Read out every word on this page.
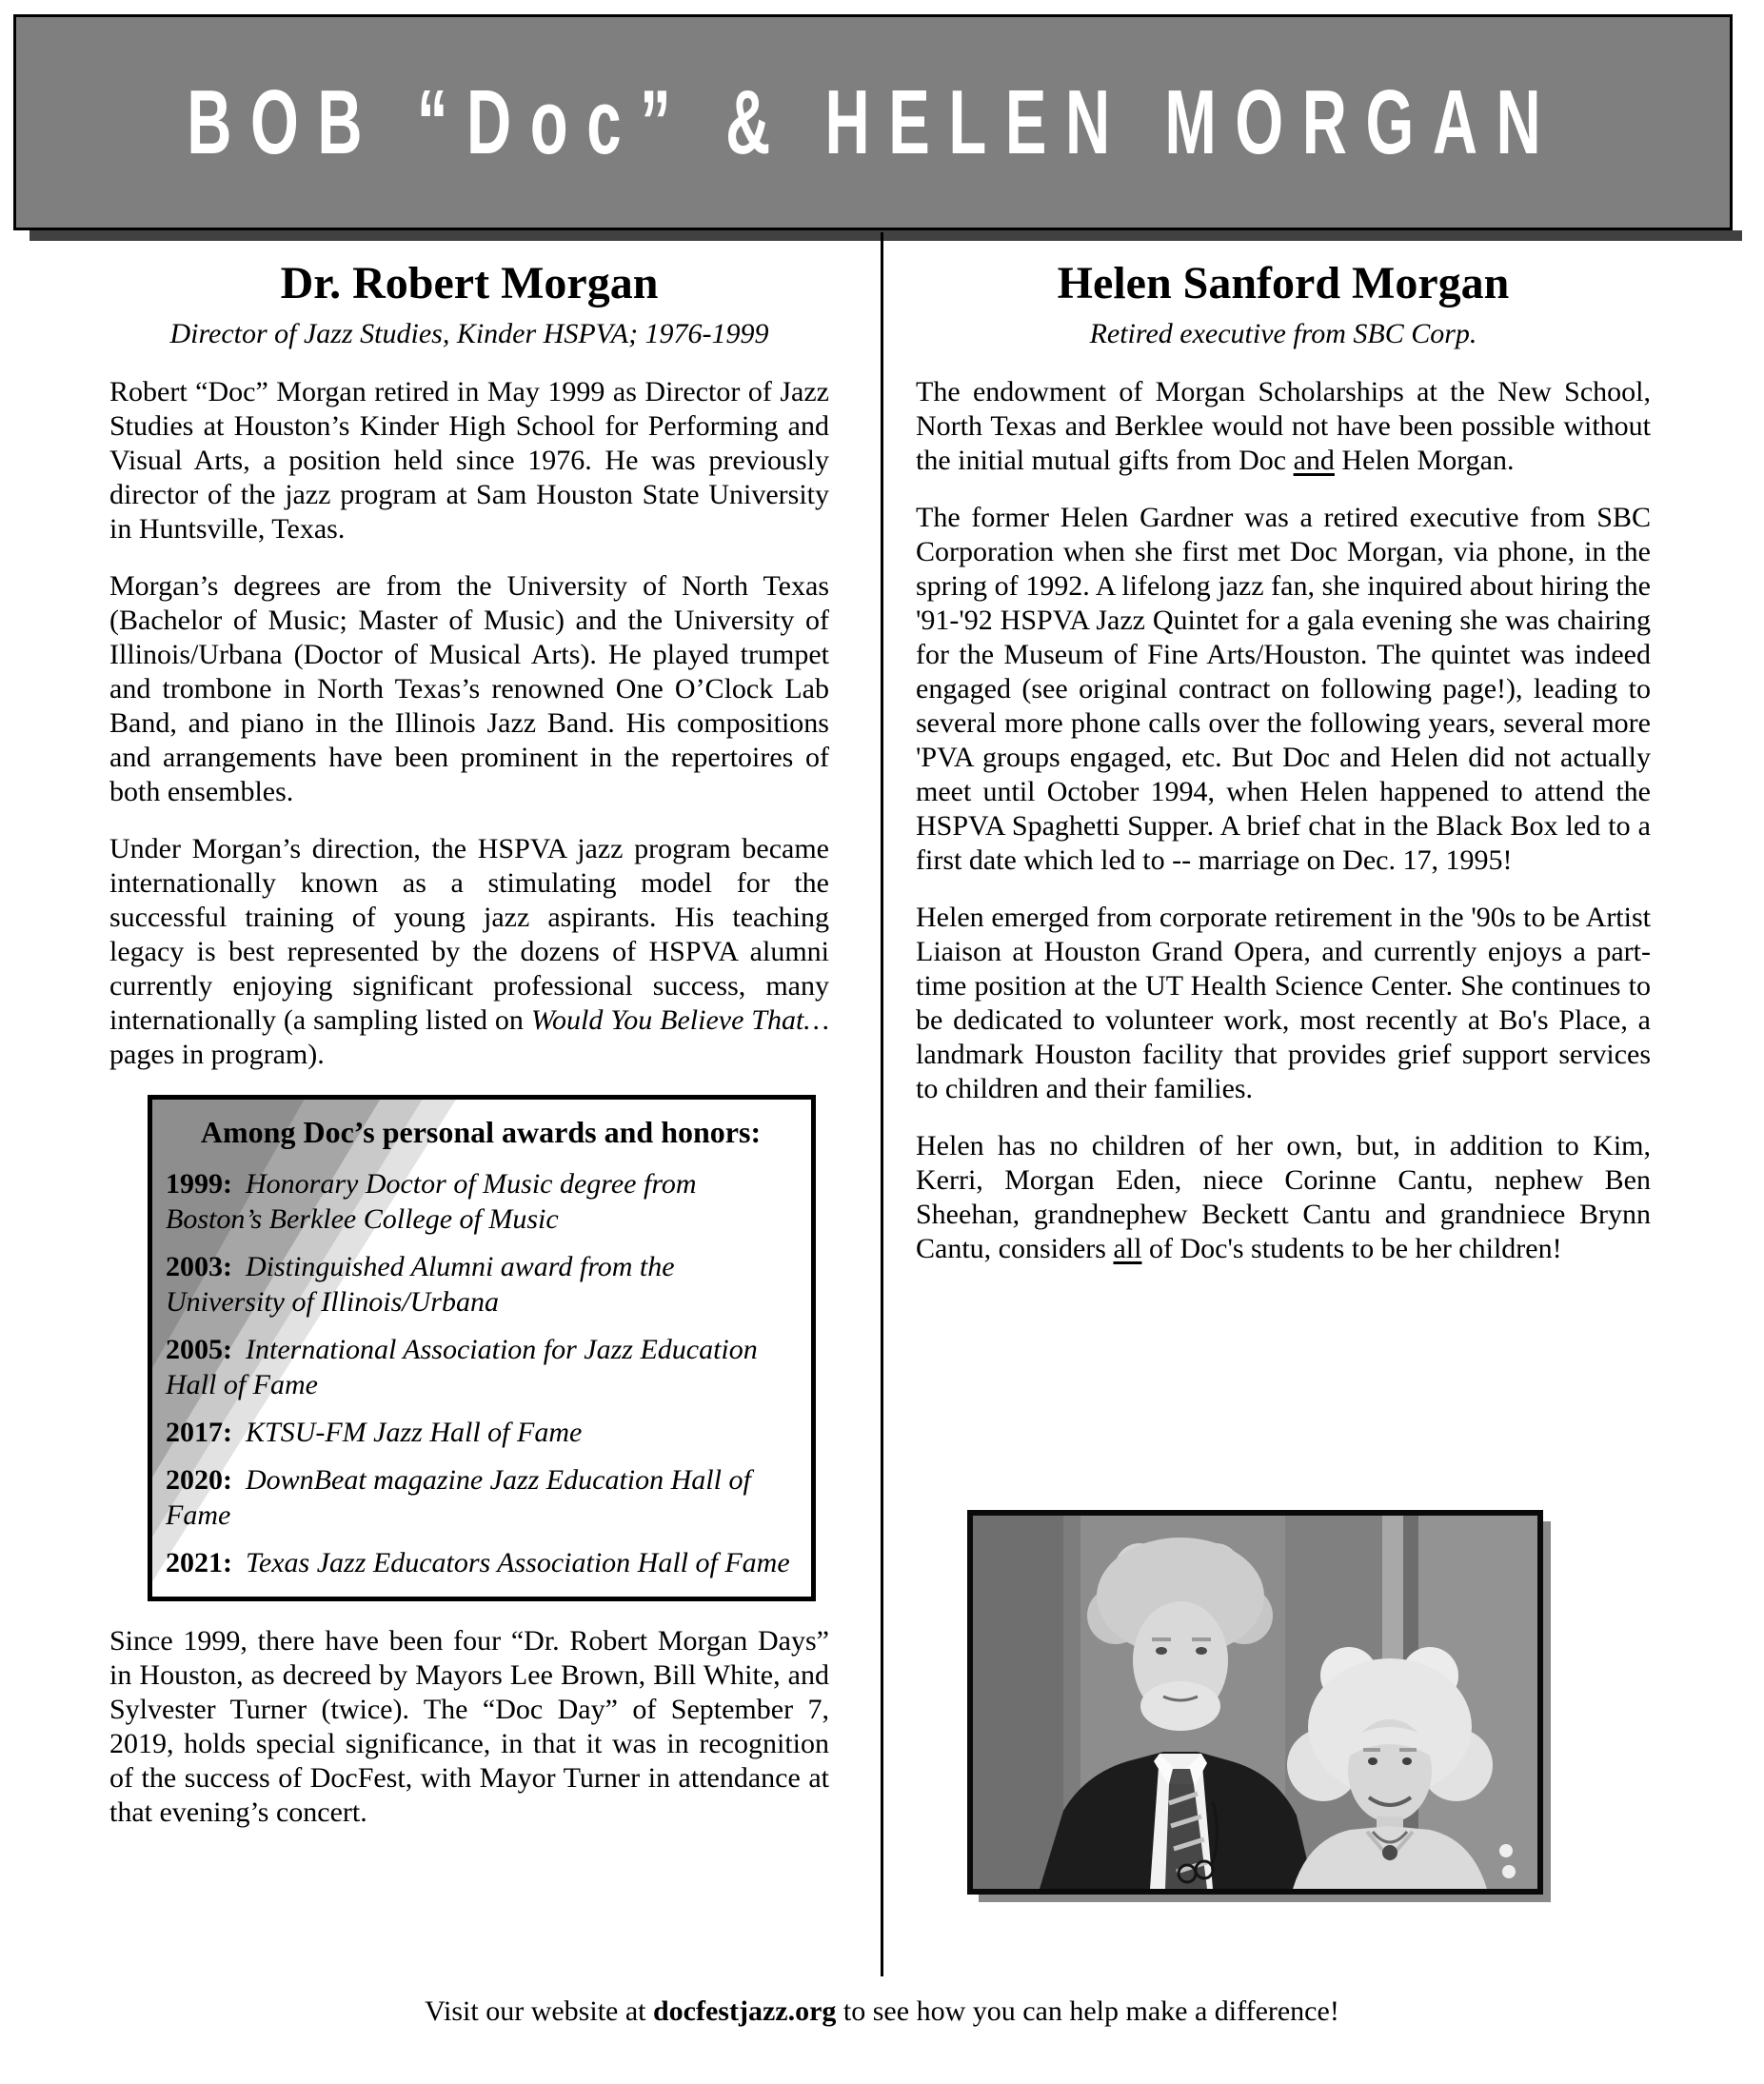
BOB “Doc” & HELEN MORGAN
Dr. Robert Morgan
Director of Jazz Studies, Kinder HSPVA; 1976-1999

Robert “Doc” Morgan retired in May 1999 as Director of Jazz Studies at Houston’s Kinder High School for Performing and Visual Arts, a position held since 1976. He was previously director of the jazz program at Sam Houston State University in Huntsville, Texas.

Morgan’s degrees are from the University of North Texas (Bachelor of Music; Master of Music) and the University of Illinois/Urbana (Doctor of Musical Arts). He played trumpet and trombone in North Texas’s renowned One O’Clock Lab Band, and piano in the Illinois Jazz Band. His compositions and arrangements have been prominent in the repertoires of both ensembles.

Under Morgan’s direction, the HSPVA jazz program became internationally known as a stimulating model for the successful training of young jazz aspirants. His teaching legacy is best represented by the dozens of HSPVA alumni currently enjoying significant professional success, many internationally (a sampling listed on Would You Believe That… pages in program).

Among Doc’s personal awards and honors:

1999: Honorary Doctor of Music degree from Boston’s Berklee College of Music

2003: Distinguished Alumni award from the University of Illinois/Urbana

2005: International Association for Jazz Education Hall of Fame

2017: KTSU-FM Jazz Hall of Fame

2020: DownBeat magazine Jazz Education Hall of Fame

2021: Texas Jazz Educators Association Hall of Fame

Since 1999, there have been four “Dr. Robert Morgan Days” in Houston, as decreed by Mayors Lee Brown, Bill White, and Sylvester Turner (twice). The “Doc Day” of September 7, 2019, holds special significance, in that it was in recognition of the success of DocFest, with Mayor Turner in attendance at that evening’s concert.

Helen Sanford Morgan
Retired executive from SBC Corp.

The endowment of Morgan Scholarships at the New School, North Texas and Berklee would not have been possible without the initial mutual gifts from Doc and Helen Morgan.

The former Helen Gardner was a retired executive from SBC Corporation when she first met Doc Morgan, via phone, in the spring of 1992. A lifelong jazz fan, she inquired about hiring the '91-'92 HSPVA Jazz Quintet for a gala evening she was chairing for the Museum of Fine Arts/Houston. The quintet was indeed engaged (see original contract on following page!), leading to several more phone calls over the following years, several more 'PVA groups engaged, etc. But Doc and Helen did not actually meet until October 1994, when Helen happened to attend the HSPVA Spaghetti Supper. A brief chat in the Black Box led to a first date which led to -- marriage on Dec. 17, 1995!

Helen emerged from corporate retirement in the '90s to be Artist Liaison at Houston Grand Opera, and currently enjoys a part-time position at the UT Health Science Center. She continues to be dedicated to volunteer work, most recently at Bo's Place, a landmark Houston facility that provides grief support services to children and their families.

Helen has no children of her own, but, in addition to Kim, Kerri, Morgan Eden, niece Corinne Cantu, nephew Ben Sheehan, grandnephew Beckett Cantu and grandniece Brynn Cantu, considers all of Doc's students to be her children!

Visit our website at docfestjazz.org to see how you can help make a difference!
